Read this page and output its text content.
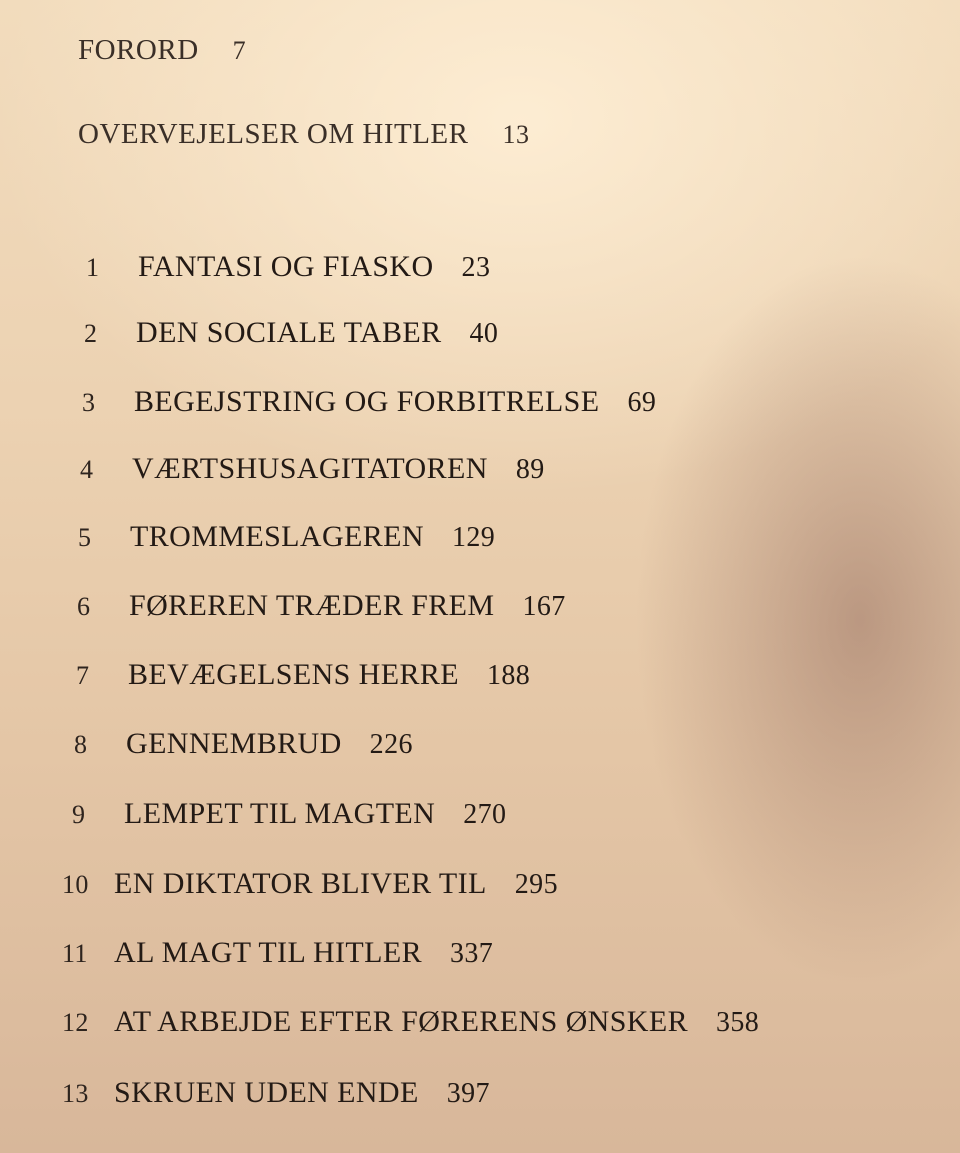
FORORD 7
OVERVEJELSER OM HITLER 13
1 FANTASI OG FIASKO 23
2 DEN SOCIALE TABER 40
3 BEGEJSTRING OG FORBITRELSE 69
4 VÆRTSHUSAGITATOREN 89
5 TROMMESLAGEREN 129
6 FØREREN TRÆDER FREM 167
7 BEVÆGELSENS HERRE 188
8 GENNEMBRUD 226
9 LEMPET TIL MAGTEN 270
10 EN DIKTATOR BLIVER TIL 295
11 AL MAGT TIL HITLER 337
12 AT ARBEJDE EFTER FØRERENS ØNSKER 358
13 SKRUEN UDEN ENDE 397
